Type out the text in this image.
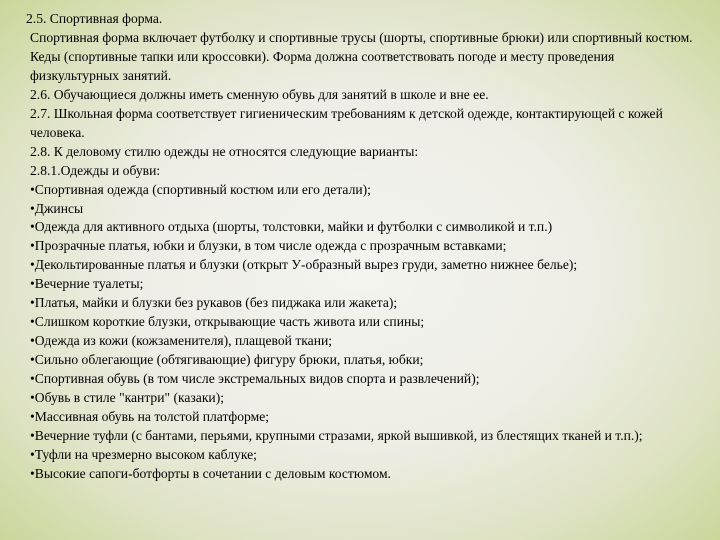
2.5. Спортивная форма.

Спортивная форма включает футболку и спортивные трусы (шорты, спортивные брюки) или спортивный костюм. Кеды (спортивные тапки или кроссовки). Форма должна соответствовать погоде и месту проведения физкультурных занятий.

2.6. Обучающиеся должны иметь сменную обувь для занятий в школе и вне ее.

2.7. Школьная форма соответствует гигиеническим требованиям к детской одежде, контактирующей с кожей человека.

2.8. К деловому стилю одежды не относятся следующие варианты:

2.8.1.Одежды и обуви:

•Спортивная одежда (спортивный костюм или его детали);

•Джинсы

•Одежда для активного отдыха (шорты, толстовки, майки и футболки с символикой и т.п.)

•Прозрачные платья, юбки и блузки, в том числе одежда с прозрачным вставками;

•Декольтированные платья и блузки (открыт У-образный вырез груди, заметно нижнее белье);

•Вечерние туалеты;

•Платья, майки и блузки без рукавов (без пиджака или жакета);

•Слишком короткие блузки, открывающие часть живота или спины;

•Одежда из кожи (кожзаменителя), плащевой ткани;

•Сильно облегающие (обтягивающие) фигуру брюки, платья, юбки;

•Спортивная обувь (в том числе экстремальных видов спорта и развлечений);

•Обувь в стиле "кантри" (казаки);

•Массивная обувь на толстой платформе;

•Вечерние туфли (с бантами, перьями, крупными стразами, яркой вышивкой, из блестящих тканей и т.п.);

•Туфли на чрезмерно высоком каблуке;

•Высокие сапоги-ботфорты в сочетании с деловым костюмом.
